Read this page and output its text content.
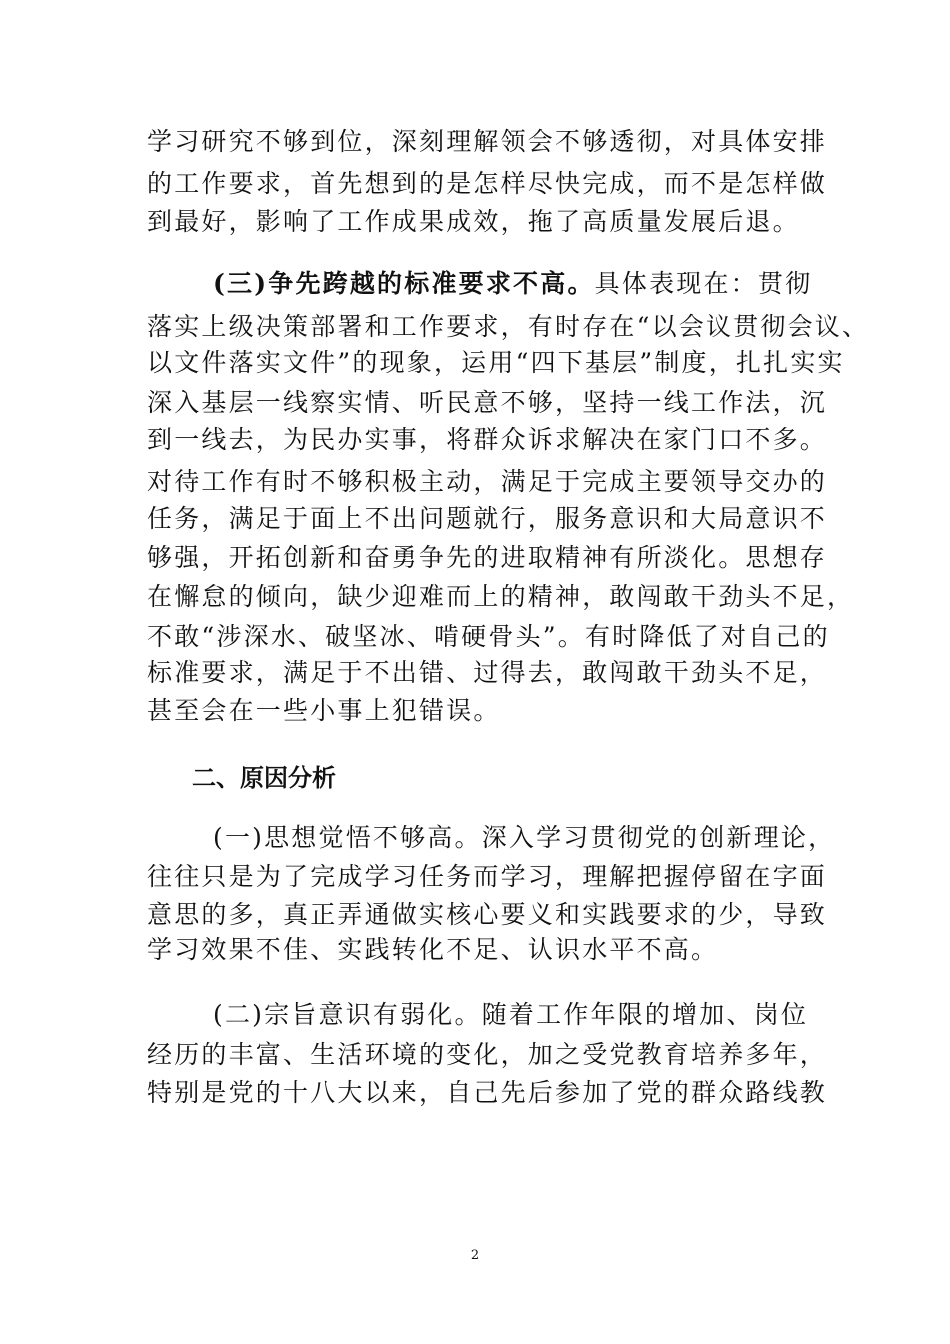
学习研究不够到位，深刻理解领会不够透彻，对具体安排
的工作要求，首先想到的是怎样尽快完成，而不是怎样做
到最好，影响了工作成果成效，拖了高质量发展后退。
(三)争先跨越的标准要求不高。具体表现在：贯彻
落实上级决策部署和工作要求，有时存在“以会议贯彻会议、
以文件落实文件”的现象，运用“四下基层”制度，扎扎实实
深入基层一线察实情、听民意不够，坚持一线工作法，沉
到一线去，为民办实事，将群众诉求解决在家门口不多。
对待工作有时不够积极主动，满足于完成主要领导交办的
任务，满足于面上不出问题就行，服务意识和大局意识不
够强，开拓创新和奋勇争先的进取精神有所淡化。思想存
在懈怠的倾向，缺少迎难而上的精神，敢闯敢干劲头不足，
不敢“涉深水、破坚冰、啃硬骨头”。有时降低了对自己的
标准要求，满足于不出错、过得去，敢闯敢干劲头不足，
甚至会在一些小事上犯错误。
二、原因分析
(一)思想觉悟不够高。深入学习贯彻党的创新理论，
往往只是为了完成学习任务而学习，理解把握停留在字面
意思的多，真正弄通做实核心要义和实践要求的少，导致
学习效果不佳、实践转化不足、认识水平不高。
(二)宗旨意识有弱化。随着工作年限的增加、岗位
经历的丰富、生活环境的变化，加之受党教育培养多年，
特别是党的十八大以来，自己先后参加了党的群众路线教
2
